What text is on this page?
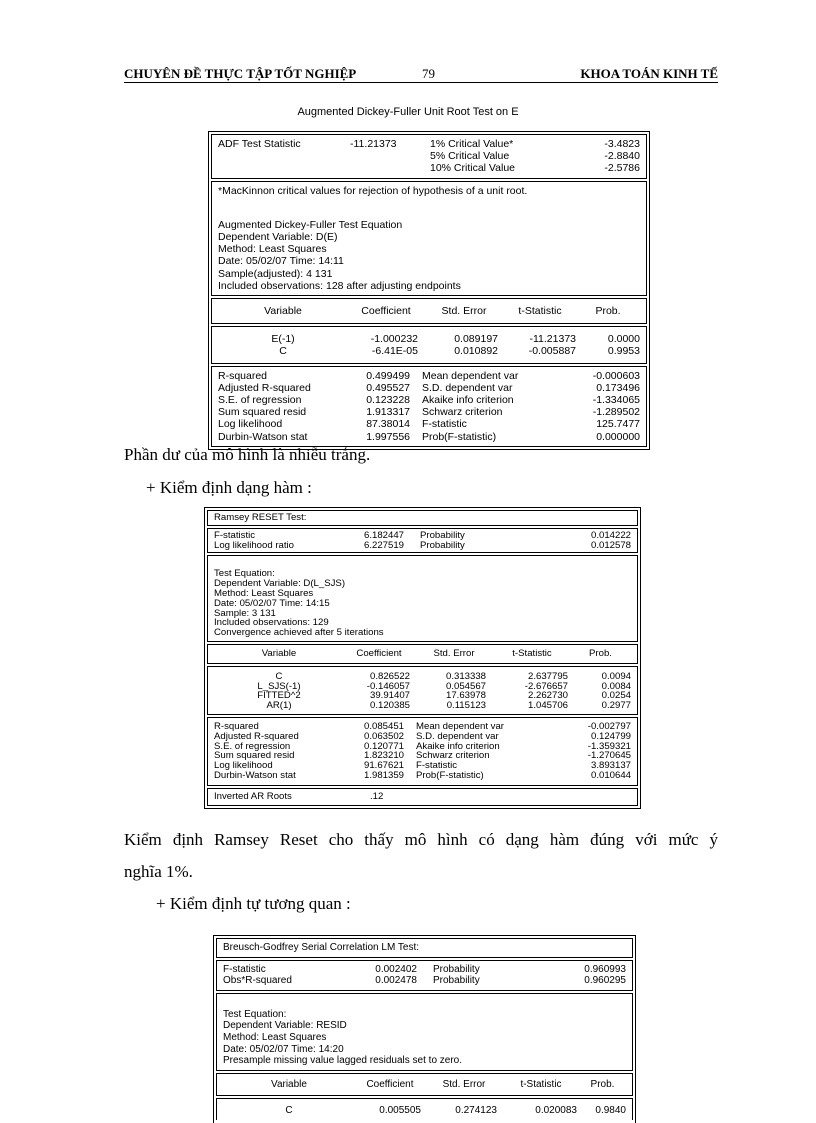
CHUYÊN ĐỀ THỰC TẬP TỐT NGHIỆP	79	KHOA TOÁN KINH TẾ
Augmented Dickey-Fuller Unit Root Test on E
ADF Test Statistic	-11.21373	1% Critical Value*	-3.4823
5% Critical Value	-2.8840
10% Critical Value	-2.5786
*MacKinnon critical values for rejection of hypothesis of a unit root.
Augmented Dickey-Fuller Test Equation
Dependent Variable: D(E)
Method: Least Squares
Date: 05/02/07 Time: 14:11
Sample(adjusted): 4 131
Included observations: 128 after adjusting endpoints
Variable	Coefficient	Std. Error	t-Statistic	Prob.
E(-1)	-1.000232	0.089197	-11.21373	0.0000
C	-6.41E-05	0.010892	-0.005887	0.9953
R-squared	0.499499 Mean dependent var	-0.000603
Adjusted R-squared	0.495527 S.D. dependent var	0.173496
S.E. of regression	0.123228 Akaike info criterion	-1.334065
Sum squared resid	1.913317 Schwarz criterion	-1.289502
Log likelihood	87.38014 F-statistic	125.7477
Durbin-Watson stat	1.997556 Prob(F-statistic)	0.000000
Phần dư của mô hình là nhiễu trắng.
+ Kiểm định dạng hàm :
Ramsey RESET Test:
F-statistic	6.182447 Probability	0.014222
Log likelihood ratio	6.227519 Probability	0.012578
Test Equation:
Dependent Variable: D(L_SJS)
Method: Least Squares
Date: 05/02/07 Time: 14:15
Sample: 3 131
Included observations: 129
Convergence achieved after 5 iterations
Variable	Coefficient	Std. Error	t-Statistic	Prob.
C	0.826522	0.313338	2.637795	0.0094
L_SJS(-1)	-0.146057	0.054567	-2.676657	0.0084
FITTED^2	39.91407	17.63978	2.262730	0.0254
AR(1)	0.120385	0.115123	1.045706	0.2977
R-squared	0.085451 Mean dependent var	-0.002797
Adjusted R-squared	0.063502 S.D. dependent var	0.124799
S.E. of regression	0.120771 Akaike info criterion	-1.359321
Sum squared resid	1.823210 Schwarz criterion	-1.270645
Log likelihood	91.67621 F-statistic	3.893137
Durbin-Watson stat	1.981359 Prob(F-statistic)	0.010644
Inverted AR Roots	.12
Kiểm định Ramsey Reset cho thấy mô hình có dạng hàm đúng với mức ý
nghĩa 1%.
+ Kiểm định tự tương quan :
Breusch-Godfrey Serial Correlation LM Test:
F-statistic	0.002402 Probability	0.960993
Obs*R-squared	0.002478 Probability	0.960295
Test Equation:
Dependent Variable: RESID
Method: Least Squares
Date: 05/02/07 Time: 14:20
Presample missing value lagged residuals set to zero.
Variable	Coefficient	Std. Error	t-Statistic	Prob.
C	0.005505	0.274123	0.020083	0.9840
